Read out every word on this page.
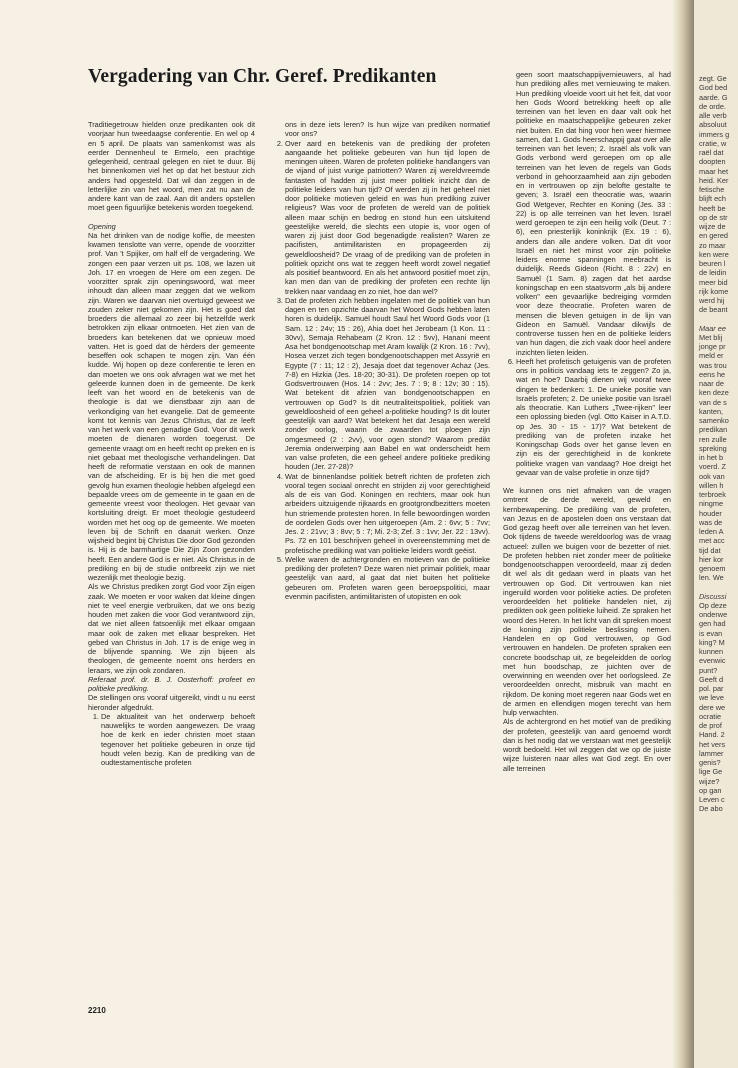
Vergadering van Chr. Geref. Predikanten

Traditiegetrouw hielden onze predikanten ook dit voorjaar hun tweedaagse conferentie. En wel op 4 en 5 april. De plaats van samenkomst was als eerder Dennenheul te Ermelo, een prachtige gelegenheid, centraal gelegen en niet te duur. Bij het binnenkomen viel het op dat het bestuur zich anders had opgesteld. Dat wil dan zeggen in de letterlijke zin van het woord, men zat nu aan de andere kant van de zaal. Aan dit anders opstellen moet geen figuurlijke betekenis worden toegekend.

Opening

Na het drinken van de nodige koffie, de meesten kwamen tenslotte van verre, opende de voorzitter prof. Van 't Spijker, om half elf de vergadering. We zongen een paar verzen uit ps. 108, we lazen uit Joh. 17 en vroegen de Here om een zegen. De voorzitter sprak zijn openingswoord, wat meer inhoudt dan alleen maar zeggen dat we welkom zijn. Waren we daarvan niet overtuigd geweest we zouden zeker niet gekomen zijn. Het is goed dat broeders die allemaal zo zeer bij hetzelfde werk betrokken zijn elkaar ontmoeten. Het zien van de broeders kan betekenen dat we opnieuw moed vatten. Het is goed dat de hèrders der gemeente beseffen ook schapen te mogen zijn. Van één kudde. Wij hopen op deze conferentie te leren en dan moeten we ons ook afvragen wat we met het geleerde kunnen doen in de gemeente. De kerk leeft van het woord en de betekenis van de theologie is dat we dienstbaar zijn aan de verkondiging van het evangelie. Dat de gemeente komt tot kennis van Jezus Christus, dat ze leeft van het werk van een genadige God. Voor dit werk moeten de dienaren worden toegerust. De gemeente vraagt om en heeft recht op preken en is niet gebaat met theologische verhandelingen. Dat heeft de reformatie verstaan en ook de mannen van de afscheiding. Er is bij hen die met goed gevolg hun examen theologie hebben afgelegd een bepaalde vrees om de gemeente in te gaan en de gemeente vreest voor theologen. Het gevaar van kortsluiting dreigt. Er moet theologie gestudeerd worden met het oog op de gemeente. We moeten leven bij de Schrift en daaruit werken. Onze wijsheid begint bij Christus Die door God gezonden is. Hij is de barmhartige Die Zijn Zoon gezonden heeft. Een andere God is er niet. Als Christus in de prediking en bij de studie ontbreekt zijn we niet wezenlijk met theologie bezig.

Als we Christus prediken zorgt God voor Zijn eigen zaak. We moeten er voor waken dat kleine dingen niet te veel energie verbruiken, dat we ons bezig houden met zaken die voor God verantwoord zijn, dat we niet alleen fatsoenlijk met elkaar omgaan maar ook de zaken met elkaar bespreken. Het gebed van Christus in Joh. 17 is de enige weg in de blijvende spanning. We zijn bijeen als theologen, de gemeente noemt ons herders en leraars, we zijn ook zondaren.

Referaat prof. dr. B. J. Oosterhoff: profeet en politieke prediking.

De stellingen ons vooraf uitgereikt, vindt u nu eerst hieronder afgedrukt.

1. De aktualiteit van het onderwerp behoeft nauwelijks te worden aangewezen. De vraag hoe de kerk en ieder christen moet staan tegenover het politieke gebeuren in onze tijd houdt velen bezig. Kan de prediking van de oudtestamentische profeten

ons in deze iets leren? Is hun wijze van prediken normatief voor ons?

2. Over aard en betekenis van de prediking der profeten aangaande het politieke gebeuren van hun tijd lopen de meningen uiteen. Waren de profeten politieke handlangers van de vijand of juist vurige patriotten? Waren zij wereldvreemde fantasten of hadden zij juist meer politiek inzicht dan de politieke leiders van hun tijd? Of werden zij in het geheel niet door politieke motieven geleid en was hun prediking zuiver religieus? Was voor de profeten de wereld van de politiek alleen maar schijn en bedrog en stond hun een uitsluitend geestelijke wereld, die slechts een utopie is, voor ogen of waren zij juist door God begenadigde realisten? Waren ze pacifisten, antimilitaristen en propageerden zij geweldloosheid? De vraag of de prediking van de profeten in politiek opzicht ons wat te zeggen heeft wordt zowel negatief als positief beantwoord. En als het antwoord positief moet zijn, kan men dan van de prediking der profeten een rechte lijn trekken naar vandaag en zo niet, hoe dan wel?
3. Dat de profeten zich hebben ingelaten met de politiek van hun dagen en ten opzichte daarvan het Woord Gods hebben laten horen is duidelijk. Samuël houdt Saul het Woord Gods voor (1 Sam. 12 : 24v; 15 : 26), Ahia doet het Jerobeam (1 Kon. 11 : 30vv), Semaja Rehabeam (2 Kron. 12 : 5vv), Hanani meent Asa het bondgenootschap met Aram kwalijk (2 Kron. 16 : 7vv), Hosea verzet zich tegen bondgenootschappen met Assyrië en Egypte (7 : 11; 12 : 2), Jesaja doet dat tegenover Achaz (Jes. 7-8) en Hizkia (Jes. 18-20; 30-31). De profeten roepen op tot Godsvertrouwen (Hos. 14 : 2vv; Jes. 7 : 9; 8 : 12v; 30 : 15). Wat betekent dit afzien van bondgenootschappen en vertrouwen op God? Is dit neutraliteitspolitiek, politiek van geweldloosheid of een geheel a-politieke houding? Is dit louter geestelijk van aard? Wat betekent het dat Jesaja een wereld zonder oorlog, waarin de zwaarden tot ploegen zijn omgesmeed (2 : 2vv), voor ogen stond? Waarom predikt Jeremia onderwerping aan Babel en wat onderscheidt hem van valse profeten, die een geheel andere politieke prediking houden (Jer. 27-28)?
4. Wat de binnenlandse politiek betreft richten de profeten zich vooral tegen sociaal onrecht en strijden zij voor gerechtigheid als de eis van God. Koningen en rechters, maar ook hun arbeiders uitzuigende rijkaards en grootgrondbezitters moeten hun striemende protesten horen. In felle bewoordingen worden de oordelen Gods over hen uitgeroepen (Am. 2 : 6vv; 5 : 7vv; Jes. 2 : 21vv; 3 : 8vv; 5 : 7; Mi. 2-3; Zef. 3 : 1vv; Jer. 22 : 13vv). Ps. 72 en 101 beschrijven geheel in overeenstemming met de profetische prediking wat van politieke leiders wordt geëist.
5. Welke waren de achtergronden en motieven van de politieke prediking der profeten? Deze waren niet primair politiek, maar geestelijk van aard, al gaat dat niet buiten het politieke gebeuren om. Profeten waren geen beroepspolitici, maar evenmin pacifisten, antimilitaristen of utopisten en ook

geen soort maatschappijvernieuwers, al had hun prediking alles met vernieuwing te maken. Hun prediking vloeide voort uit het feit, dat voor hen Gods Woord betrekking heeft op alle terreinen van het leven en daar valt ook het politieke en maatschappelijke gebeuren zeker niet buiten. En dat hing voor hen weer hiermee samen, dat 1. Gods heerschappij gaat over alle terreinen van het leven; 2. Israël als volk van Gods verbond werd geroepen om op alle terreinen van het leven de regels van Gods verbond in gehoorzaamheid aan zijn geboden en in vertrouwen op zijn belofte gestalte te geven; 3. Israël een theocratie was, waarin God Wetgever, Rechter en Koning (Jes. 33 : 22) is op alle terreinen van het leven. Israël werd geroepen te zijn een heilig volk (Deut. 7 : 6), een priesterlijk koninkrijk (Ex. 19 : 6), anders dan alle andere volken. Dat dit voor Israël en niet het minst voor zijn politieke leiders enorme spanningen meebracht is duidelijk. Reeds Gideon (Richt. 8 : 22v) en Samuël (1 Sam. 8) zagen dat het aardse koningschap en een staatsvorm „als bij andere volken" een gevaarlijke bedreiging vormden voor deze theocratie. Profeten waren de mensen die bleven getuigen in de lijn van Gideon en Samuël. Vandaar dikwijls de controverse tussen hen en de politieke leiders van hun dagen, die zich vaak door heel andere inzichten lieten leiden.

6. Heeft het profetisch getuigenis van de profeten ons in politicis vandaag iets te zeggen? Zo ja, wat en hoe? Daarbij dienen wij vooraf twee dingen te bedenken: 1. De unieke positie van Israëls profeten; 2. De unieke positie van Israël als theocratie. Kan Luthers „Twee-rijken" leer een oplossing bieden (vgl. Otto Kaiser in A.T.D. op Jes. 30 - 15 - 17)? Wat betekent de prediking van de profeten inzake het Koningschap Gods over het ganse leven en zijn eis der gerechtigheid in de konkrete politieke vragen van vandaag? Hoe dreigt het gevaar van de valse profetie in onze tijd?

We kunnen ons niet afmaken van de vragen omtrent de derde wereld, geweld en kernbewapening. De prediking van de profeten, van Jezus en de apostelen doen ons verstaan dat God gezag heeft over alle terreinen van het leven. Ook tijdens de tweede wereldoorlog was de vraag actueel: zullen we buigen voor de bezetter of niet. De profeten hebben niet zonder meer de politieke bondgenootschappen veroordeeld, maar zij deden dit wel als dit gedaan werd in plaats van het vertrouwen op God. Dit vertrouwen kan niet ingeruild worden voor politieke acties. De profeten veroordeelden het politieke handelen niet, zij predikten ook geen politieke luiheid. Ze spraken het woord des Heren. In het licht van dit spreken moest de koning zijn politieke beslissing nemen. Handelen en op God vertrouwen, op God vertrouwen en handelen. De profeten spraken een concrete boodschap uit, ze begeleidden de oorlog met hun boodschap, ze juichten over de overwinning en weenden over het oorlogsleed. Ze veroordeelden onrecht, misbruik van macht en rijkdom. De koning moet regeren naar Gods wet en de armen en ellendigen mogen terecht van hem hulp verwachten.

Als de achtergrond en het motief van de prediking der profeten, geestelijk van aard genoemd wordt dan is het nodig dat we verstaan wat met geestelijk wordt bedoeld. Het wil zeggen dat we op de juiste wijze luisteren naar alles wat God zegt. En over alle terreinen

2210

zegt. Ge

God bed

aarde. G

de orde.

alle verb

absoluut

immers g

cratie, w

raël dat

doopten

maar het

heid. Ker

fetische

blijft ech

heeft be

op de str

wijze de

en gered

zo maar

ken were

beuren l

de leidin

meer bid

rijk kome

werd hij

de beant

Maar ee

Met blij

jonge pr

meld er

was trou

eens he

naar de

ken deze

van de s

kanten,

samenko

predikan

ren zulle

spreking

in het b

voerd. Z

ook van

willen h

terbroek

ningme

houder

was de

leden A

met acc

tijd dat

hier kor

genoem

len. We

Discussi

Op deze

onderwe

gen had

is evan

king? M

kunnen

evenwic

punt?

Geeft d

pol. par

we leve

dere we

ocratie

de prof

Hand. 2

het vers

lammer

genis?

lige Ge

wijze?

op gan

Leven c

De abo
